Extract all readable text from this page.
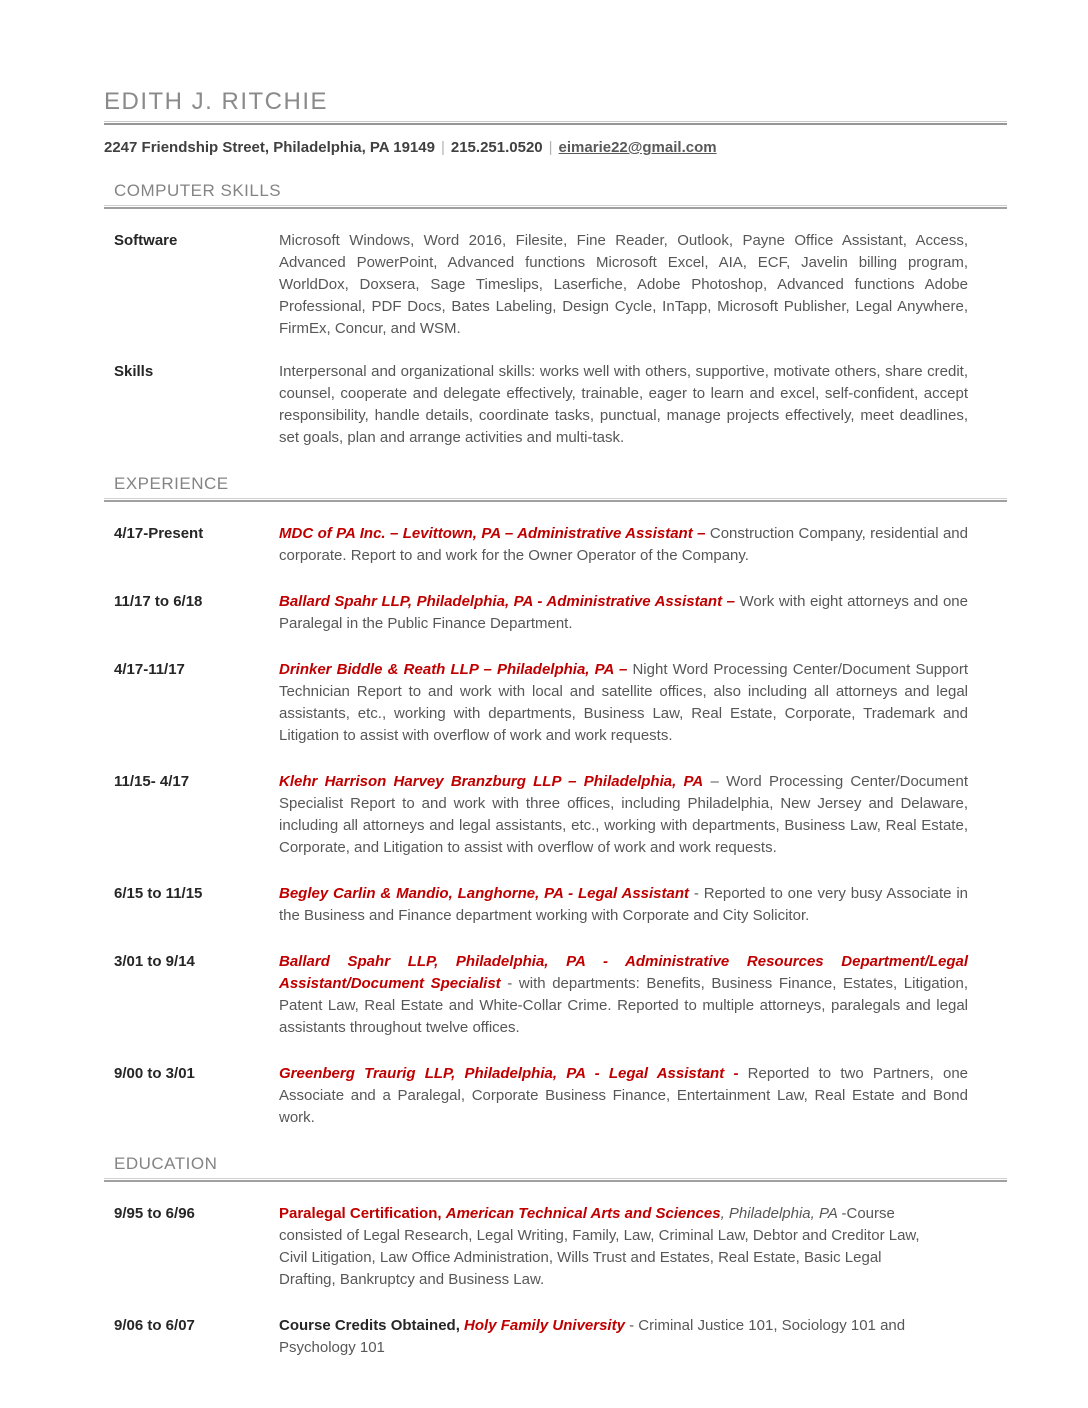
EDITH J. RITCHIE
2247 Friendship Street, Philadelphia, PA 19149 | 215.251.0520 | eimarie22@gmail.com
COMPUTER SKILLS
Software	Microsoft Windows, Word 2016, Filesite, Fine Reader, Outlook, Payne Office Assistant, Access, Advanced PowerPoint, Advanced functions Microsoft Excel, AIA, ECF, Javelin billing program, WorldDox, Doxsera, Sage Timeslips, Laserfiche, Adobe Photoshop, Advanced functions Adobe Professional, PDF Docs, Bates Labeling, Design Cycle, InTapp, Microsoft Publisher, Legal Anywhere, FirmEx, Concur, and WSM.
Skills	Interpersonal and organizational skills: works well with others, supportive, motivate others, share credit, counsel, cooperate and delegate effectively, trainable, eager to learn and excel, self-confident, accept responsibility, handle details, coordinate tasks, punctual, manage projects effectively, meet deadlines, set goals, plan and arrange activities and multi-task.
EXPERIENCE
4/17-Present	MDC of PA Inc. – Levittown, PA – Administrative Assistant – Construction Company, residential and corporate. Report to and work for the Owner Operator of the Company.
11/17 to 6/18	Ballard Spahr LLP, Philadelphia, PA - Administrative Assistant – Work with eight attorneys and one Paralegal in the Public Finance Department.
4/17-11/17	Drinker Biddle & Reath LLP – Philadelphia, PA – Night Word Processing Center/Document Support Technician Report to and work with local and satellite offices, also including all attorneys and legal assistants, etc., working with departments, Business Law, Real Estate, Corporate, Trademark and Litigation to assist with overflow of work and work requests.
11/15- 4/17	Klehr Harrison Harvey Branzburg LLP – Philadelphia, PA – Word Processing Center/Document Specialist Report to and work with three offices, including Philadelphia, New Jersey and Delaware, including all attorneys and legal assistants, etc., working with departments, Business Law, Real Estate, Corporate, and Litigation to assist with overflow of work and work requests.
6/15 to 11/15	Begley Carlin & Mandio, Langhorne, PA - Legal Assistant - Reported to one very busy Associate in the Business and Finance department working with Corporate and City Solicitor.
3/01 to 9/14	Ballard Spahr LLP, Philadelphia, PA - Administrative Resources Department/Legal Assistant/Document Specialist - with departments: Benefits, Business Finance, Estates, Litigation, Patent Law, Real Estate and White-Collar Crime. Reported to multiple attorneys, paralegals and legal assistants throughout twelve offices.
9/00 to 3/01	Greenberg Traurig LLP, Philadelphia, PA - Legal Assistant - Reported to two Partners, one Associate and a Paralegal, Corporate Business Finance, Entertainment Law, Real Estate and Bond work.
EDUCATION
9/95 to 6/96	Paralegal Certification, American Technical Arts and Sciences, Philadelphia, PA -Course consisted of Legal Research, Legal Writing, Family, Law, Criminal Law, Debtor and Creditor Law, Civil Litigation, Law Office Administration, Wills Trust and Estates, Real Estate, Basic Legal Drafting, Bankruptcy and Business Law.
9/06 to 6/07	Course Credits Obtained, Holy Family University - Criminal Justice 101, Sociology 101 and Psychology 101
